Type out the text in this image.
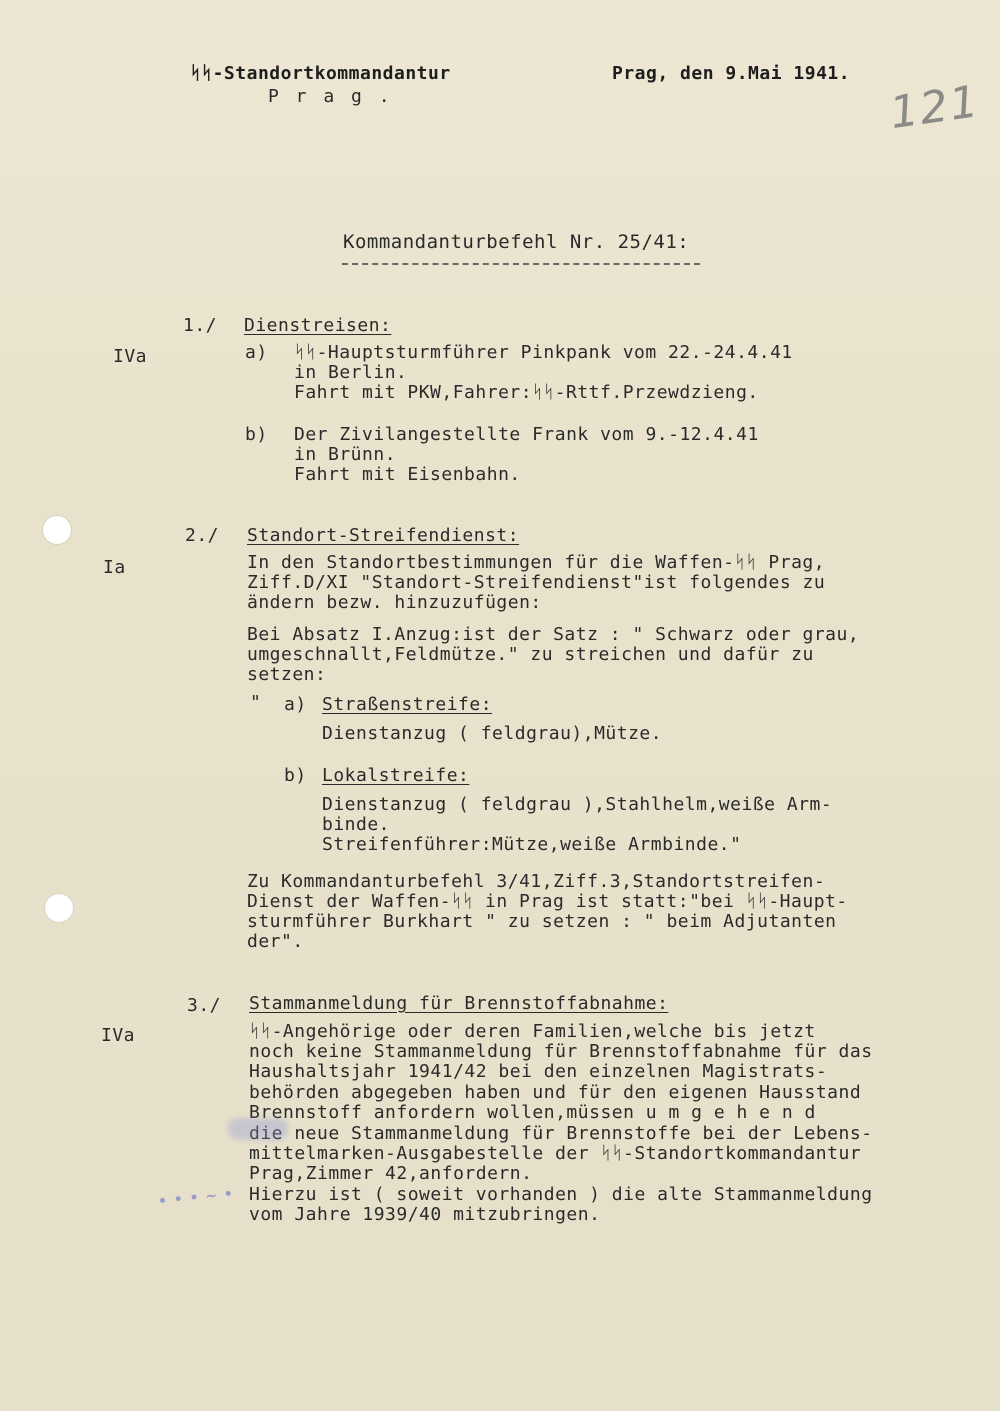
ᛋᛋ-Standortkommandantur
P r a g .
Prag, den 9.Mai 1941.
121
Kommandanturbefehl Nr. 25/41:
1./ Dienstreisen:
IVa	a) ᛋᛋ-Hauptsturmführer Pinkpank vom 22.-24.4.41
in Berlin.
Fahrt mit PKW,Fahrer:ᛋᛋ-Rttf.Przewdzieng.
b) Der Zivilangestellte Frank vom 9.-12.4.41
in Brünn.
Fahrt mit Eisenbahn.
2./ Standort-Streifendienst:
Ia	In den Standortbestimmungen für die Waffen-ᛋᛋ Prag,
Ziff.D/XI "Standort-Streifendienst"ist folgendes zu
ändern bezw. hinzuzufügen:
Bei Absatz I.Anzug:ist der Satz : " Schwarz oder grau,
umgeschnallt,Feldmütze." zu streichen und dafür zu
setzen:
" a) Straßenstreife:
Dienstanzug ( feldgrau),Mütze.
b) Lokalstreife:
Dienstanzug ( feldgrau ),Stahlhelm,weiße Arm-
binde.
Streifenführer:Mütze,weiße Armbinde."
Zu Kommandanturbefehl 3/41,Ziff.3,Standortstreifen-
Dienst der Waffen-ᛋᛋ in Prag ist statt:"bei ᛋᛋ-Haupt-
sturmführer Burkhart " zu setzen : " beim Adjutanten
der".
3./ Stammanmeldung für Brennstoffabnahme:
IVa	ᛋᛋ-Angehörige oder deren Familien,welche bis jetzt
noch keine Stammanmeldung für Brennstoffabnahme für das
Haushaltsjahr 1941/42 bei den einzelnen Magistrats-
behörden abgegeben haben und für den eigenen Hausstand
Brennstoff anfordern wollen,müssen u m g e h e n d
die neue Stammanmeldung für Brennstoffe bei der Lebens-
mittelmarken-Ausgabestelle der ᛋᛋ-Standortkommandantur
Prag,Zimmer 42,anfordern.
Hierzu ist ( soweit vorhanden ) die alte Stammanmeldung
vom Jahre 1939/40 mitzubringen.
• • • ~ •
